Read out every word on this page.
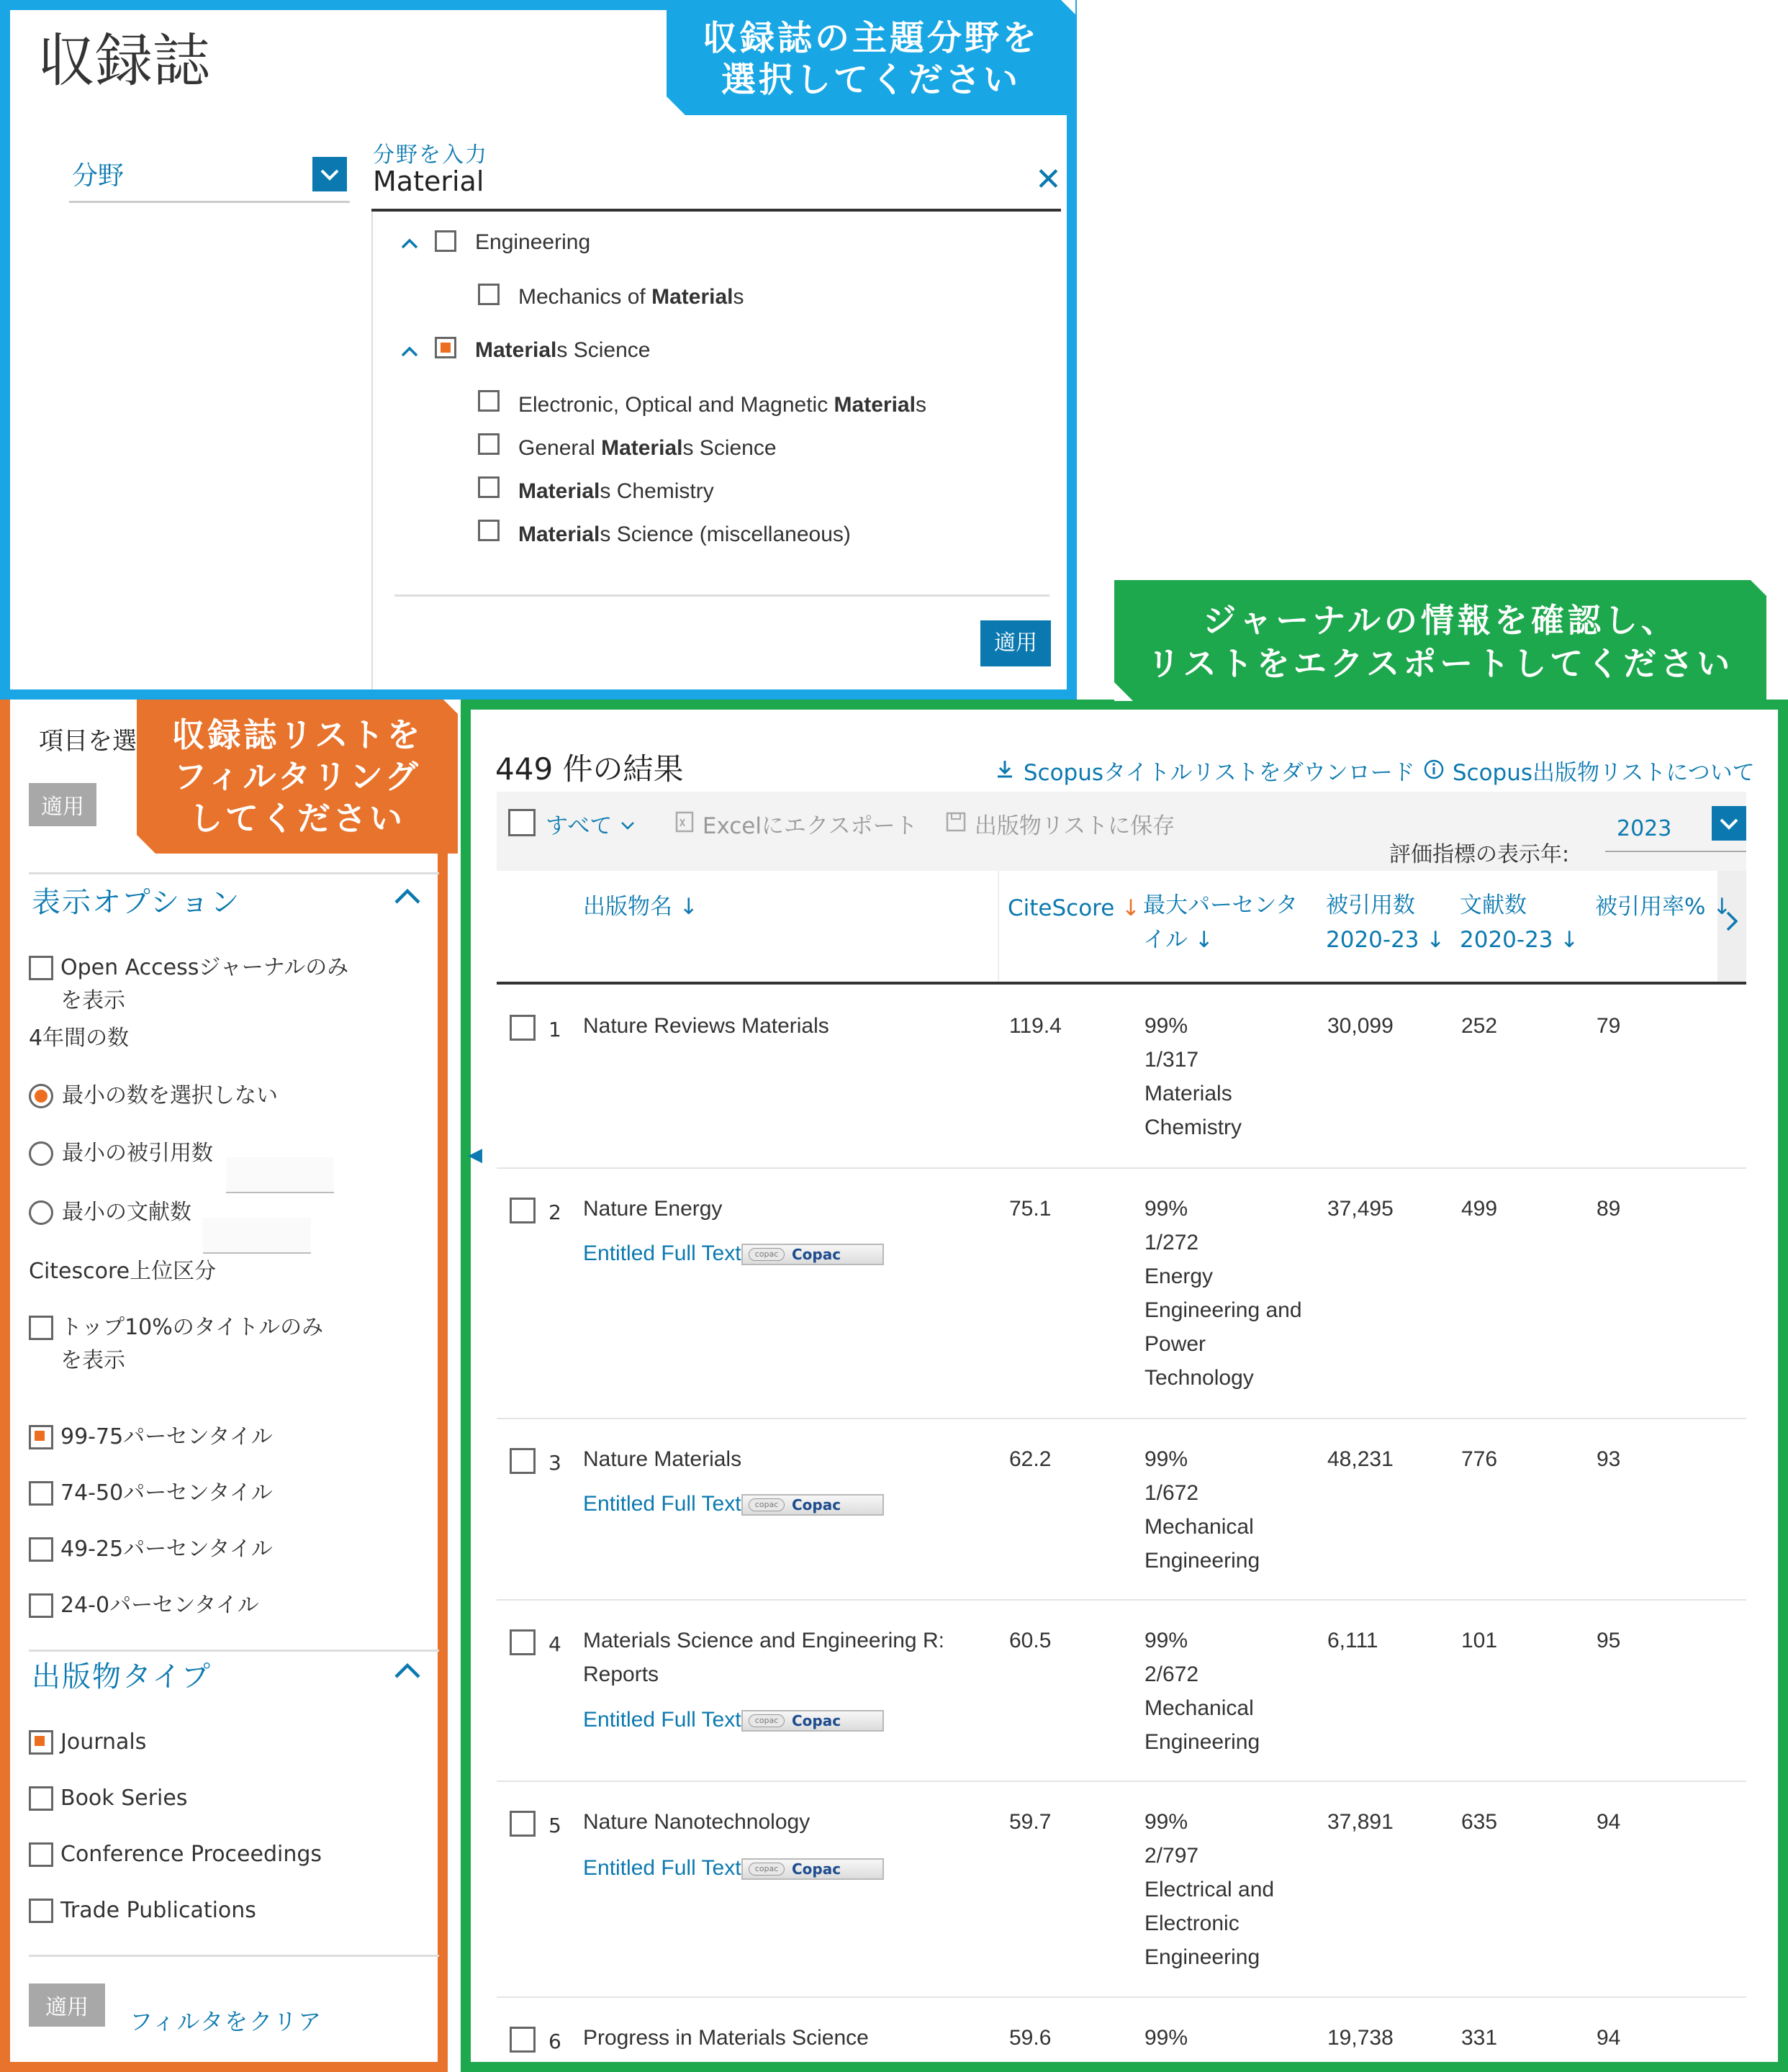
収録誌	収録誌の主題分野を
選択してください
分野
分野を入力
Material	✕
Engineering
Mechanics of Materials
Materials Science
Electronic, Optical and Magnetic Materials
General Materials Science
Materials Chemistry
Materials Science (miscellaneous)
適用
項目を選
適用
収録誌リストを
フィルタリング
してください
表示オプション
Open Accessジャーナルのみ
を表示
4年間の数
最小の数を選択しない
最小の被引用数
最小の文献数
Citescore上位区分
トップ10%のタイトルのみ
を表示
99-75パーセンタイル
74-50パーセンタイル
49-25パーセンタイル
24-0パーセンタイル
出版物タイプ
Journals
Book Series
Conference Proceedings
Trade Publications
適用
フィルタをクリア
ジャーナルの情報を確認し、
リストをエクスポートしてください
449 件の結果	Scopusタイトルリストをダウンロード	Scopus出版物リストについて
すべて	Excelにエクスポート	出版物リストに保存
評価指標の表示年:
2023
出版物名 ↓	CiteScore ↓ 最大パーセンタ
イル ↓
被引用数
2020-23 ↓
文献数
2020-23 ↓
被引用率% ↓
◀
1 Nature Reviews Materials	119.4	99%
1/317
Materials
Chemistry
30,099	252	79
2 Nature Energy
Entitled Full Text	copac Copac
75.1	99%
1/272
Energy
Engineering and
Power
Technology
37,495	499	89
3 Nature Materials
Entitled Full Text	copac Copac
62.2	99%
1/672
Mechanical
Engineering
48,231	776	93
4 Materials Science and Engineering R:
Reports
Entitled Full Text	copac Copac
60.5	99%
2/672
Mechanical
Engineering
6,111	101	95
5 Nature Nanotechnology
Entitled Full Text	copac Copac
59.7	99%
2/797
Electrical and
Electronic
Engineering
37,891	635	94
6 Progress in Materials Science	59.6	99%	19,738	331	94
